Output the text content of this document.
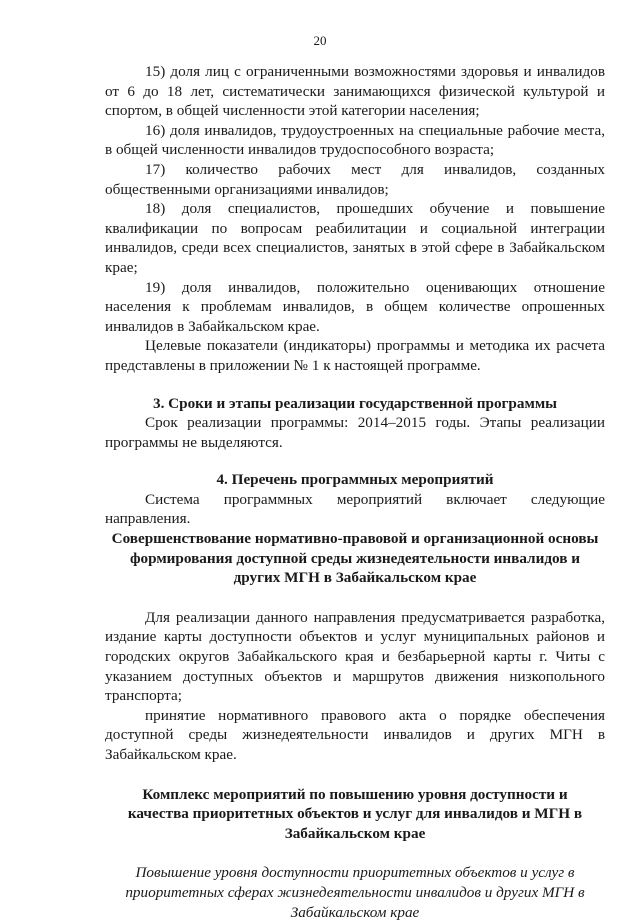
20

15) доля лиц с ограниченными возможностями здоровья и инвалидов от 6 до 18 лет, систематически занимающихся физической культурой и спортом, в общей численности этой категории населения;

16) доля инвалидов, трудоустроенных на специальные рабочие места, в общей численности инвалидов трудоспособного возраста;

17) количество рабочих мест для инвалидов, созданных общественными организациями инвалидов;

18) доля специалистов, прошедших обучение и повышение квалификации по вопросам реабилитации и социальной интеграции инвалидов, среди всех специалистов, занятых в этой сфере в Забайкальском крае;

19) доля инвалидов, положительно оценивающих отношение населения к проблемам инвалидов, в общем количестве опрошенных инвалидов в Забайкальском крае.

Целевые показатели (индикаторы) программы и методика их расчета представлены в приложении № 1 к настоящей программе.

3. Сроки и этапы реализации государственной программы

Срок реализации программы: 2014–2015 годы. Этапы реализации программы не выделяются.

4. Перечень программных мероприятий

Система программных мероприятий включает следующие направления.

Совершенствование нормативно-правовой и организационной основы формирования доступной среды жизнедеятельности инвалидов и других МГН в Забайкальском крае

Для реализации данного направления предусматривается разработка, издание карты доступности объектов и услуг муниципальных районов и городских округов Забайкальского края и безбарьерной карты г. Читы с указанием доступных объектов и маршрутов движения низкопольного транспорта;

принятие нормативного правового акта о порядке обеспечения доступной среды жизнедеятельности инвалидов и других МГН в Забайкальском крае.

Комплекс мероприятий по повышению уровня доступности и качества приоритетных объектов и услуг для инвалидов и МГН в Забайкальском крае

Повышение уровня доступности приоритетных объектов и услуг в приоритетных сферах жизнедеятельности инвалидов и других МГН в Забайкальском крае
